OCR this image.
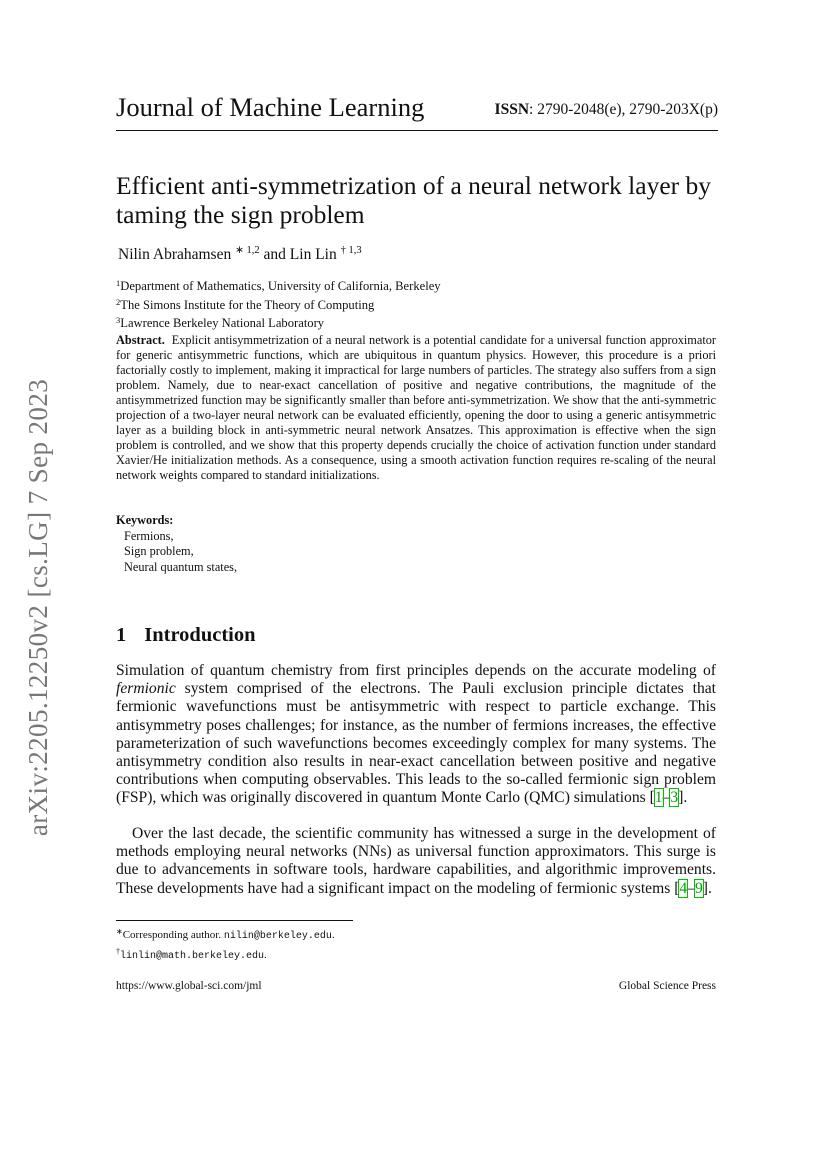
arXiv:2205.12250v2 [cs.LG] 7 Sep 2023
Journal of Machine Learning	ISSN: 2790-2048(e), 2790-203X(p)
Efficient anti-symmetrization of a neural network layer by taming the sign problem
Nilin Abrahamsen $^{∗ 1,2}$ and Lin Lin $^{\dagger 1,3}$
$^1$Department of Mathematics, University of California, Berkeley
$^2$The Simons Institute for the Theory of Computing
$^3$Lawrence Berkeley National Laboratory
Abstract. Explicit antisymmetrization of a neural network is a potential candidate for a universal function approximator for generic antisymmetric functions, which are ubiquitous in quantum physics. However, this procedure is a priori factorially costly to implement, making it impractical for large numbers of particles. The strategy also suffers from a sign problem. Namely, due to near-exact cancellation of positive and negative contributions, the magnitude of the antisymmetrized function may be significantly smaller than before anti-symmetrization. We show that the anti-symmetric projection of a two-layer neural network can be evaluated efficiently, opening the door to using a generic antisymmetric layer as a building block in anti-symmetric neural network Ansatzes. This approximation is effective when the sign problem is controlled, and we show that this property depends crucially the choice of activation function under standard Xavier/He initialization methods. As a consequence, using a smooth activation function requires re-scaling of the neural network weights compared to standard initializations.
Keywords:
Fermions,
Sign problem,
Neural quantum states,
1 Introduction
Simulation of quantum chemistry from first principles depends on the accurate modeling of fermionic system comprised of the electrons. The Pauli exclusion principle dictates that fermionic wavefunctions must be antisymmetric with respect to particle exchange. This antisymmetry poses challenges; for instance, as the number of fermions increases, the effective parameterization of such wavefunctions becomes exceedingly complex for many systems. The antisymmetry condition also results in near-exact cancellation between positive and negative contributions when computing observables. This leads to the so-called fermionic sign problem (FSP), which was originally discovered in quantum Monte Carlo (QMC) simulations [1–3].
Over the last decade, the scientific community has witnessed a surge in the development of methods employing neural networks (NNs) as universal function approximators. This surge is due to advancements in software tools, hardware capabilities, and algorithmic improvements. These developments have had a significant impact on the modeling of fermionic systems [4–9].
∗Corresponding author. nilin@berkeley.edu.
†linlin@math.berkeley.edu.
https://www.global-sci.com/jml	Global Science Press
